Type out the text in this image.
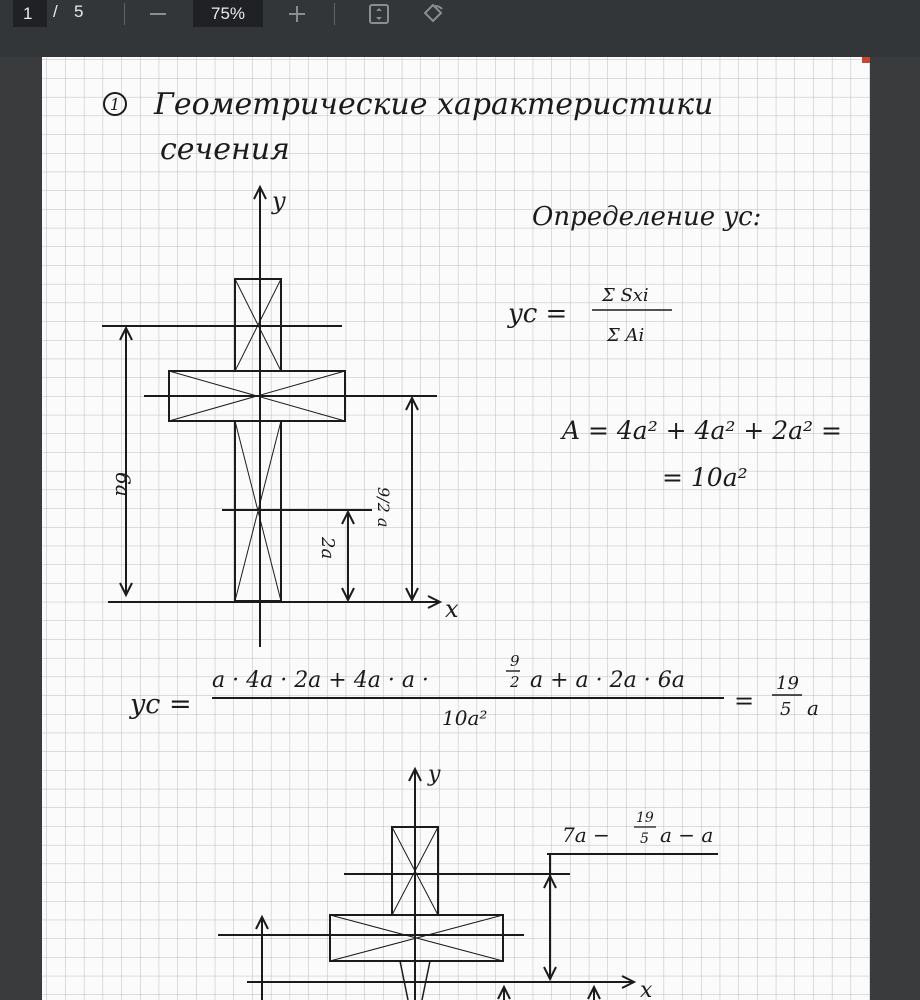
1	/ 5	75%
1 Геометрические характеристики
сечения
Определение yc:
yc =
Σ Sxi
Σ Ai
A = 4a² + 4a² + 2a² =
= 10a²
6a
9/2 a
2a
y
x
yc =
a · 4a · 2a + 4a · a ·
9
2 a + a · 2a · 6a
10a²
=
19
5 a
y
x
7a −
19
5 a − a
